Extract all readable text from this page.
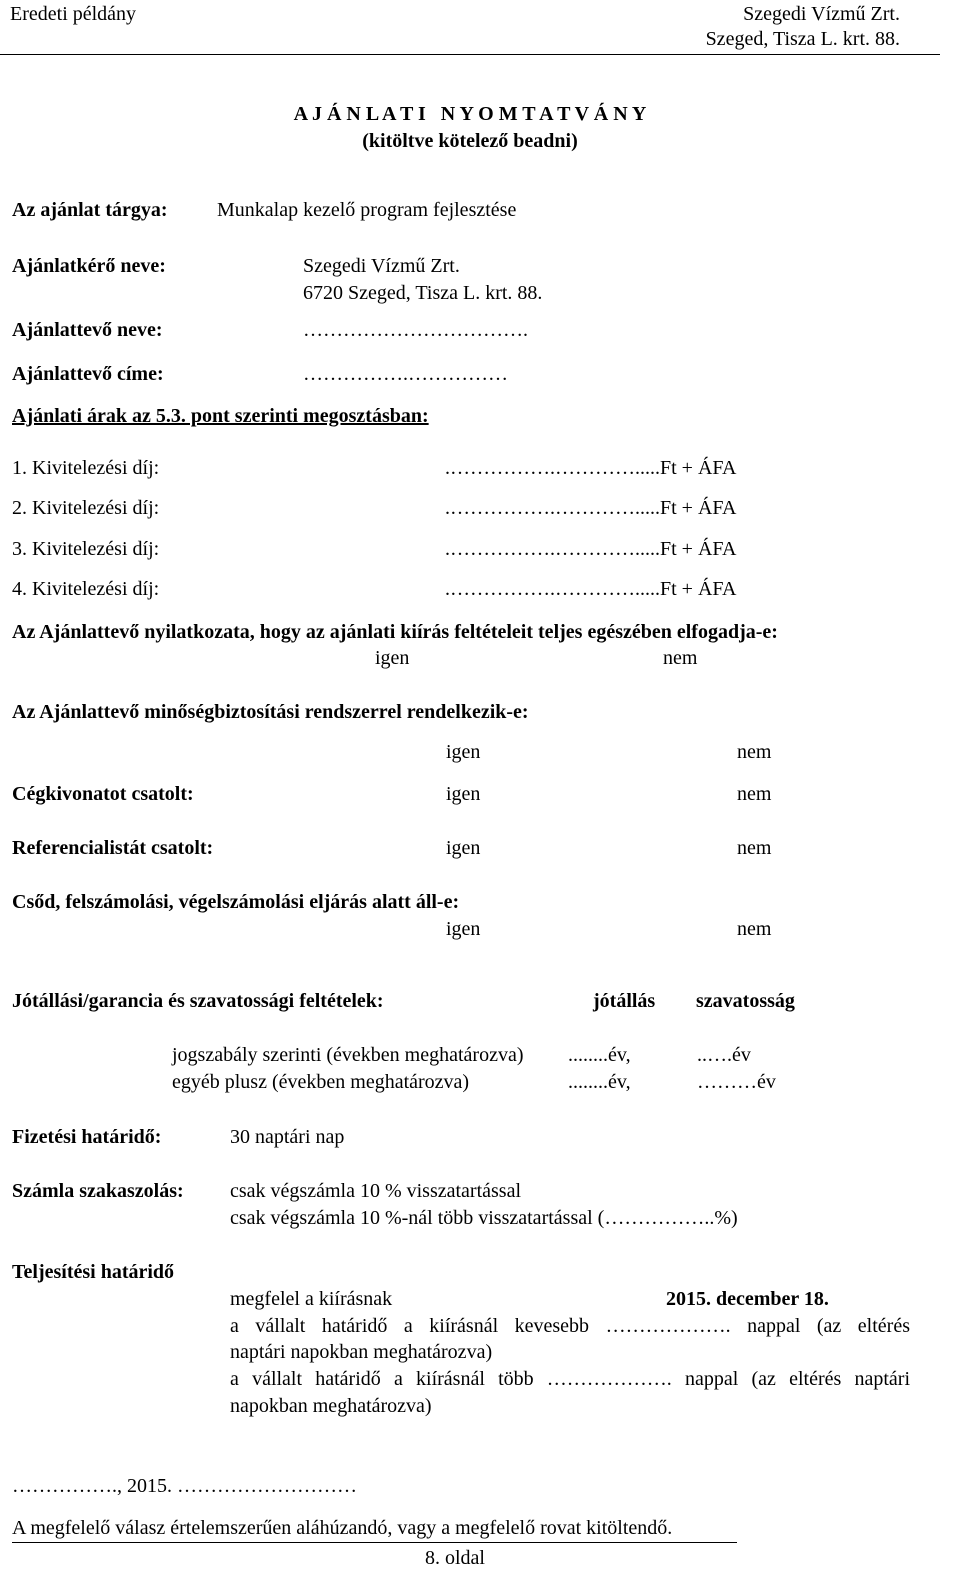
Eredeti példány	Szegedi Vízmű Zrt.
Szeged, Tisza L. krt. 88.
A J Á N L A T I   N Y O M T A T V Á N Y
(kitöltve kötelező beadni)
Az ajánlat tárgya: Munkalap kezelő program fejlesztése
Ajánlatkérő neve:	Szegedi Vízmű Zrt.
6720 Szeged, Tisza L. krt. 88.
Ajánlattevő neve:	…………………………….
Ajánlattevő címe:	…………….……………
Ajánlati árak az 5.3. pont szerinti megosztásban:
1. Kivitelezési díj:	.…………….………….....Ft + ÁFA
2. Kivitelezési díj:	.…………….………….....Ft + ÁFA
3. Kivitelezési díj:	.…………….………….....Ft + ÁFA
4. Kivitelezési díj:	.…………….………….....Ft + ÁFA
Az Ajánlattevő nyilatkozata, hogy az ajánlati kiírás feltételeit teljes egészében elfogadja-e:
igen	nem
Az Ajánlattevő minőségbiztosítási rendszerrel rendelkezik-e:
igen	nem
Cégkivonatot csatolt:	igen	nem
Referencialistát csatolt:	igen	nem
Csőd, felszámolási, végelszámolási eljárás alatt áll-e:
igen	nem
Jótállási/garancia és szavatossági feltételek:	jótállás szavatosság
jogszabály szerinti (években meghatározva) ........év,	..….év
egyéb plusz (években meghatározva)	........év,	………év
Fizetési határidő:	30 naptári nap
Számla szakaszolás: csak végszámla 10 % visszatartással
csak végszámla 10 %-nál több visszatartással (……………..%)
Teljesítési határidő
megfelel a kiírásnak	2015. december 18.
a vállalt határidő a kiírásnál kevesebb ………………. nappal (az eltérés
naptári napokban meghatározva)
a vállalt határidő a kiírásnál több ………………. nappal (az eltérés naptári
napokban meghatározva)
……………., 2015. ………………………
A megfelelő válasz értelemszerűen aláhúzandó, vagy a megfelelő rovat kitöltendő.
8. oldal
